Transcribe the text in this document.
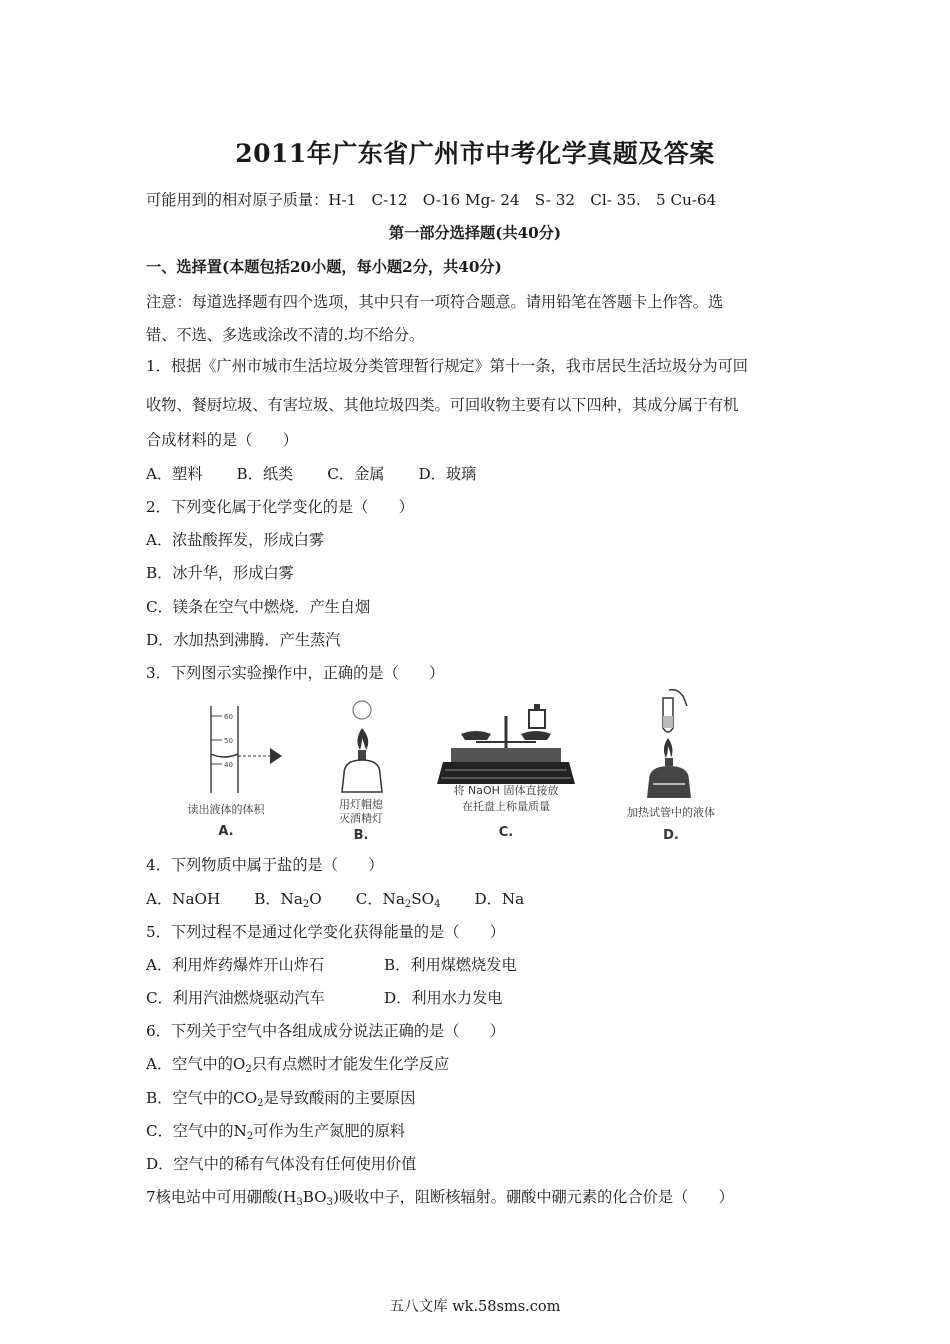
2011年广东省广州市中考化学真题及答案
可能用到的相对原子质量：H-1　C-12　O-16 Mg- 24　S- 32　Cl- 35.　5 Cu-64
第一部分选择题(共40分)
一、选择置(本题包括20小题，每小题2分，共40分)
注意：每道选择题有四个选项，其中只有一项符合题意。请用铅笔在答题卡上作答。选
错、不选、多选或涂改不清的.均不给分。
1．根据《广州市城市生活垃圾分类管理暂行规定》第十一条，我市居民生活垃圾分为可回
收物、餐厨垃圾、有害垃圾、其他垃圾四类。可回收物主要有以下四种，其成分属于有机
合成材料的是（　　）
A．塑料 B．纸类 C．金属 D．玻璃
2．下列变化属于化学变化的是（　　）
A．浓盐酸挥发，形成白雾
B．冰升华，形成白雾
C．镁条在空气中燃烧．产生自烟
D．水加热到沸腾．产生蒸汽
3．下列图示实验操作中，正确的是（　　）
60
50
40
读出液体的体积
A.
用灯帽熄
灭酒精灯
B.
将 NaOH 固体直接放
在托盘上称量质量
C.
加热试管中的液体
D.
4．下列物质中属于盐的是（　　）
A．NaOH B．$Na_2O$ C．$Na_2SO_4$ D．Na
5．下列过程不是通过化学变化获得能量的是（　　）
A．利用炸药爆炸开山炸石	B．利用煤燃烧发电
C．利用汽油燃烧驱动汽车	D．利用水力发电
6．下列关于空气中各组成成分说法正确的是（　　）
A．空气中的$O_2$只有点燃时才能发生化学反应
B．空气中的$CO_2$是导致酸雨的主要原因
C．空气中的$N_2$可作为生产氮肥的原料
D．空气中的稀有气体没有任何使用价值
7核电站中可用硼酸$(H_3BO_3)$吸收中子，阻断核辐射。硼酸中硼元素的化合价是（　　）
五八文库 wk.58sms.com
